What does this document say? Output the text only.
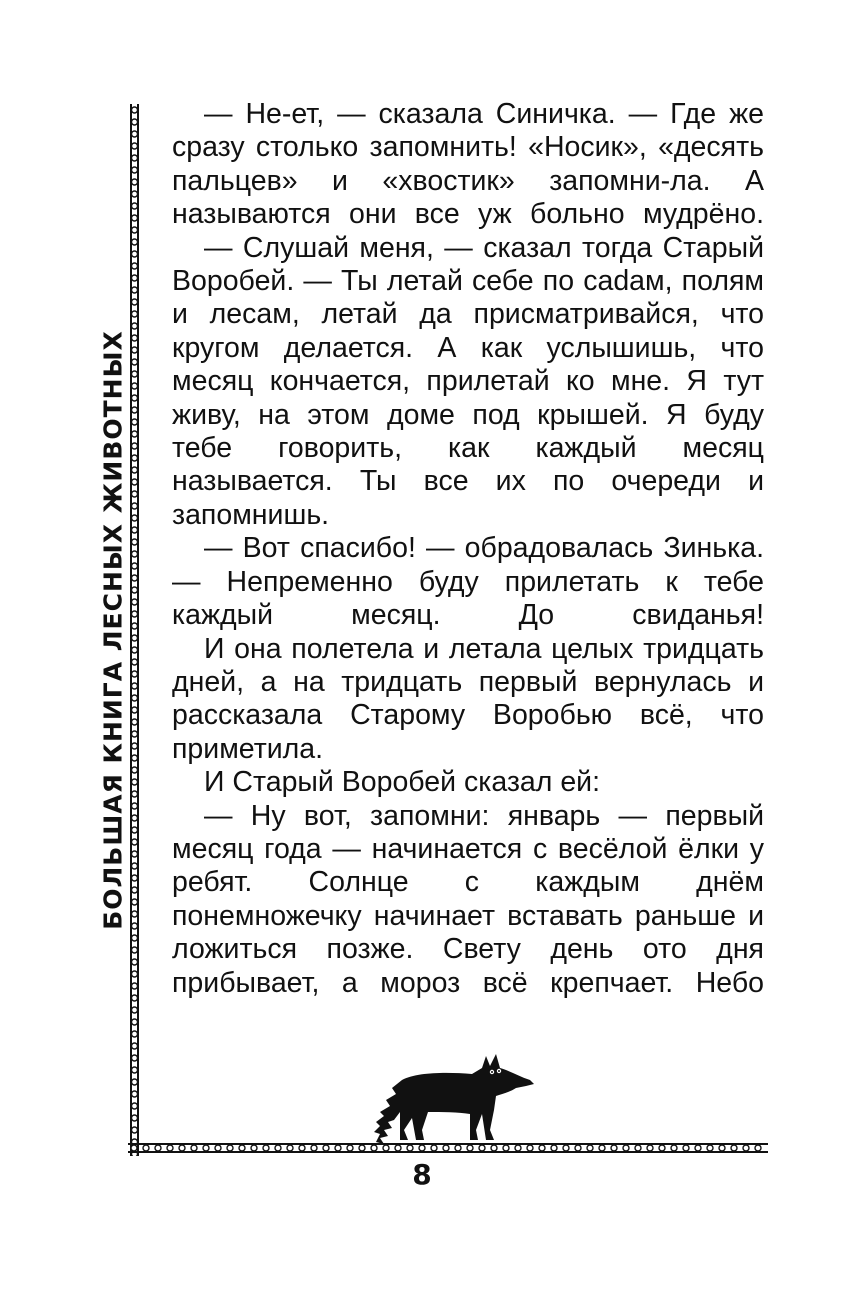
БОЛЬШАЯ КНИГА ЛЕСНЫХ ЖИВОТНЫХ

— Не-ет, — сказала Синичка. — Где же сразу столько запомнить! «Носик», «десять пальцев» и «хвостик» запомни-ла. А называются они все уж больно мудрёно.

— Слушай меня, — сказал тогда Старый Воробей. — Ты летай себе по саdам, полям и лесам, летай да присматривайся, что кругом делается. А как услышишь, что месяц кончается, прилетай ко мне. Я тут живу, на этом доме под крышей. Я буду тебе говорить, как каждый месяц называется. Ты все их по очереди и запомнишь.

— Вот спасибо! — обрадовалась Зинька. — Непременно буду прилетать к тебе каждый месяц. До свиданья!

И она полетела и летала целых тридцать дней, а на тридцать первый вернулась и рассказала Старому Воробью всё, что приметила.

И Старый Воробей сказал ей:

— Ну вот, запомни: январь — первый месяц года — начинается с весёлой ёлки у ребят. Солнце с каждым днём понемножечку начинает вставать раньше и ложиться позже. Свету день ото дня прибывает, а мороз всё крепчает. Небо

8
